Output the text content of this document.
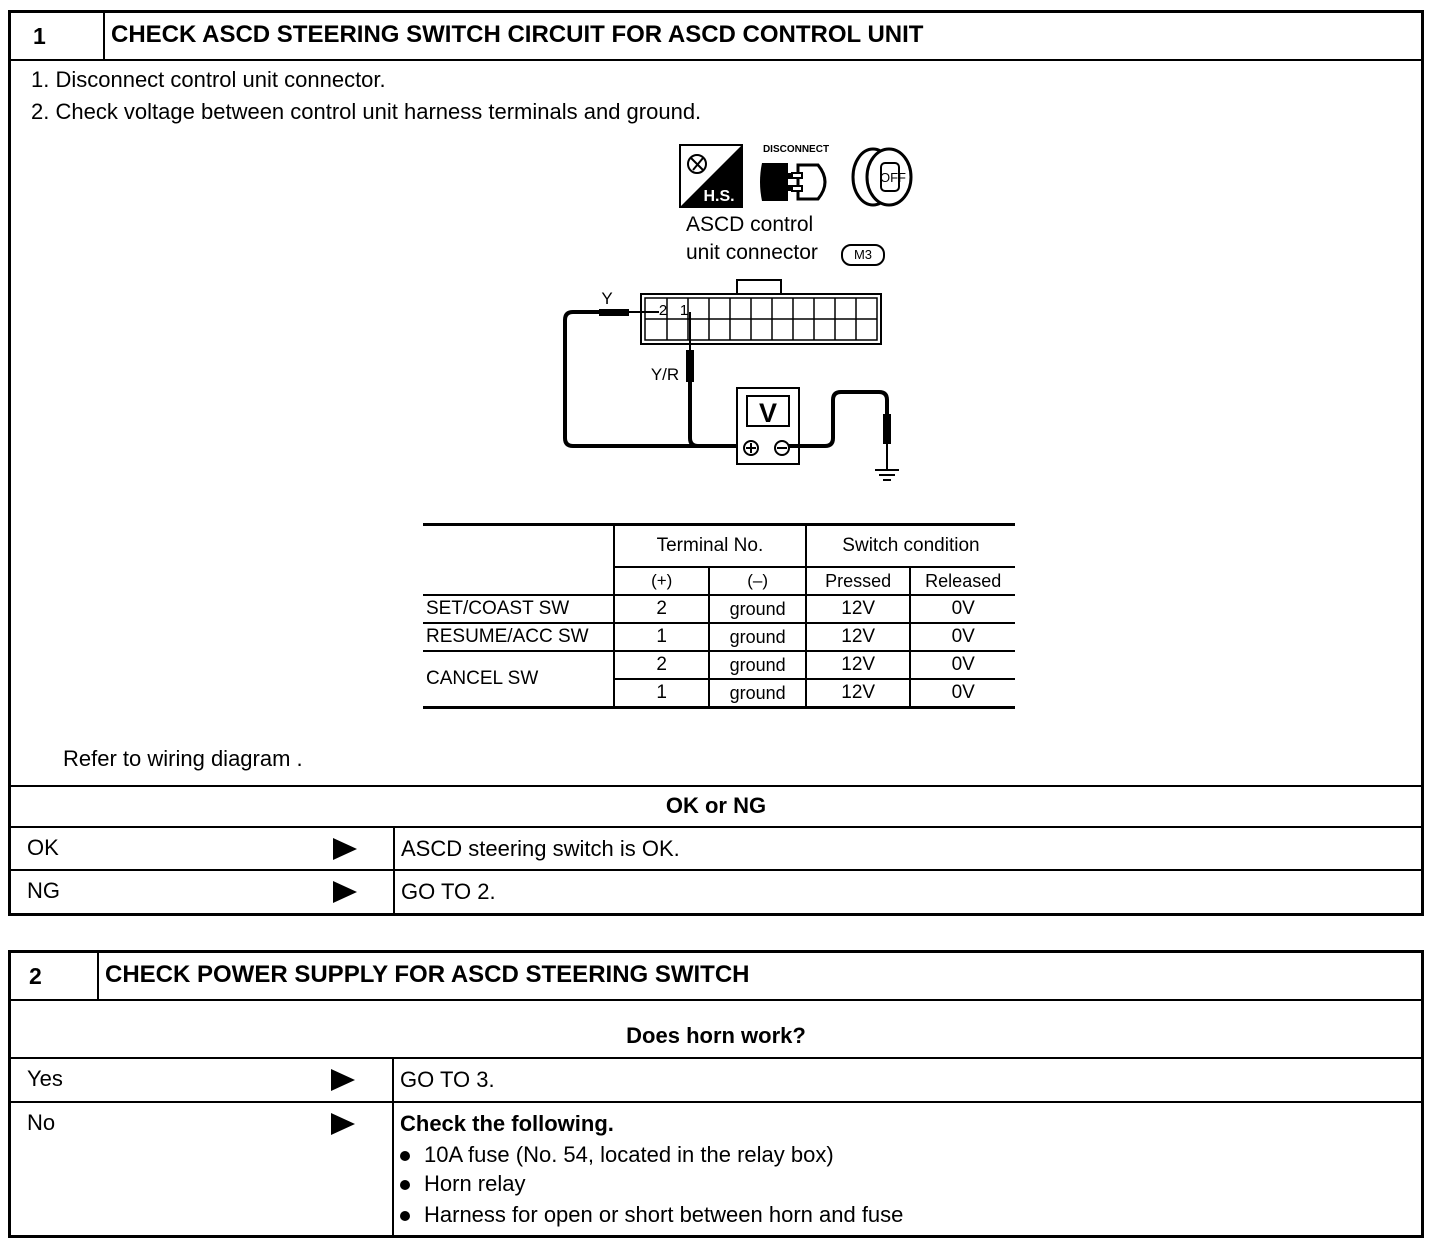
1	CHECK ASCD STEERING SWITCH CIRCUIT FOR ASCD CONTROL UNIT
1. Disconnect control unit connector.
2. Check voltage between control unit harness terminals and ground.
H.S.
DISCONNECT
OFF
ASCD control
unit connector	M3
2 1
Y
Y/R
V
	Terminal No.		Switch condition	
	(+)	(–)	Pressed	Released
SET/COAST SW	2	ground	12V	0V
RESUME/ACC SW	1	ground	12V	0V
CANCEL SW	2	ground	12V	0V
	1	ground	12V	0V
Refer to wiring diagram .
OK or NG
OK	ASCD steering switch is OK.
NG	GO TO 2.
2	CHECK POWER SUPPLY FOR ASCD STEERING SWITCH
Does horn work?
Yes	GO TO 3.
No	Check the following.
10A fuse (No. 54, located in the relay box)
Horn relay
Harness for open or short between horn and fuse
